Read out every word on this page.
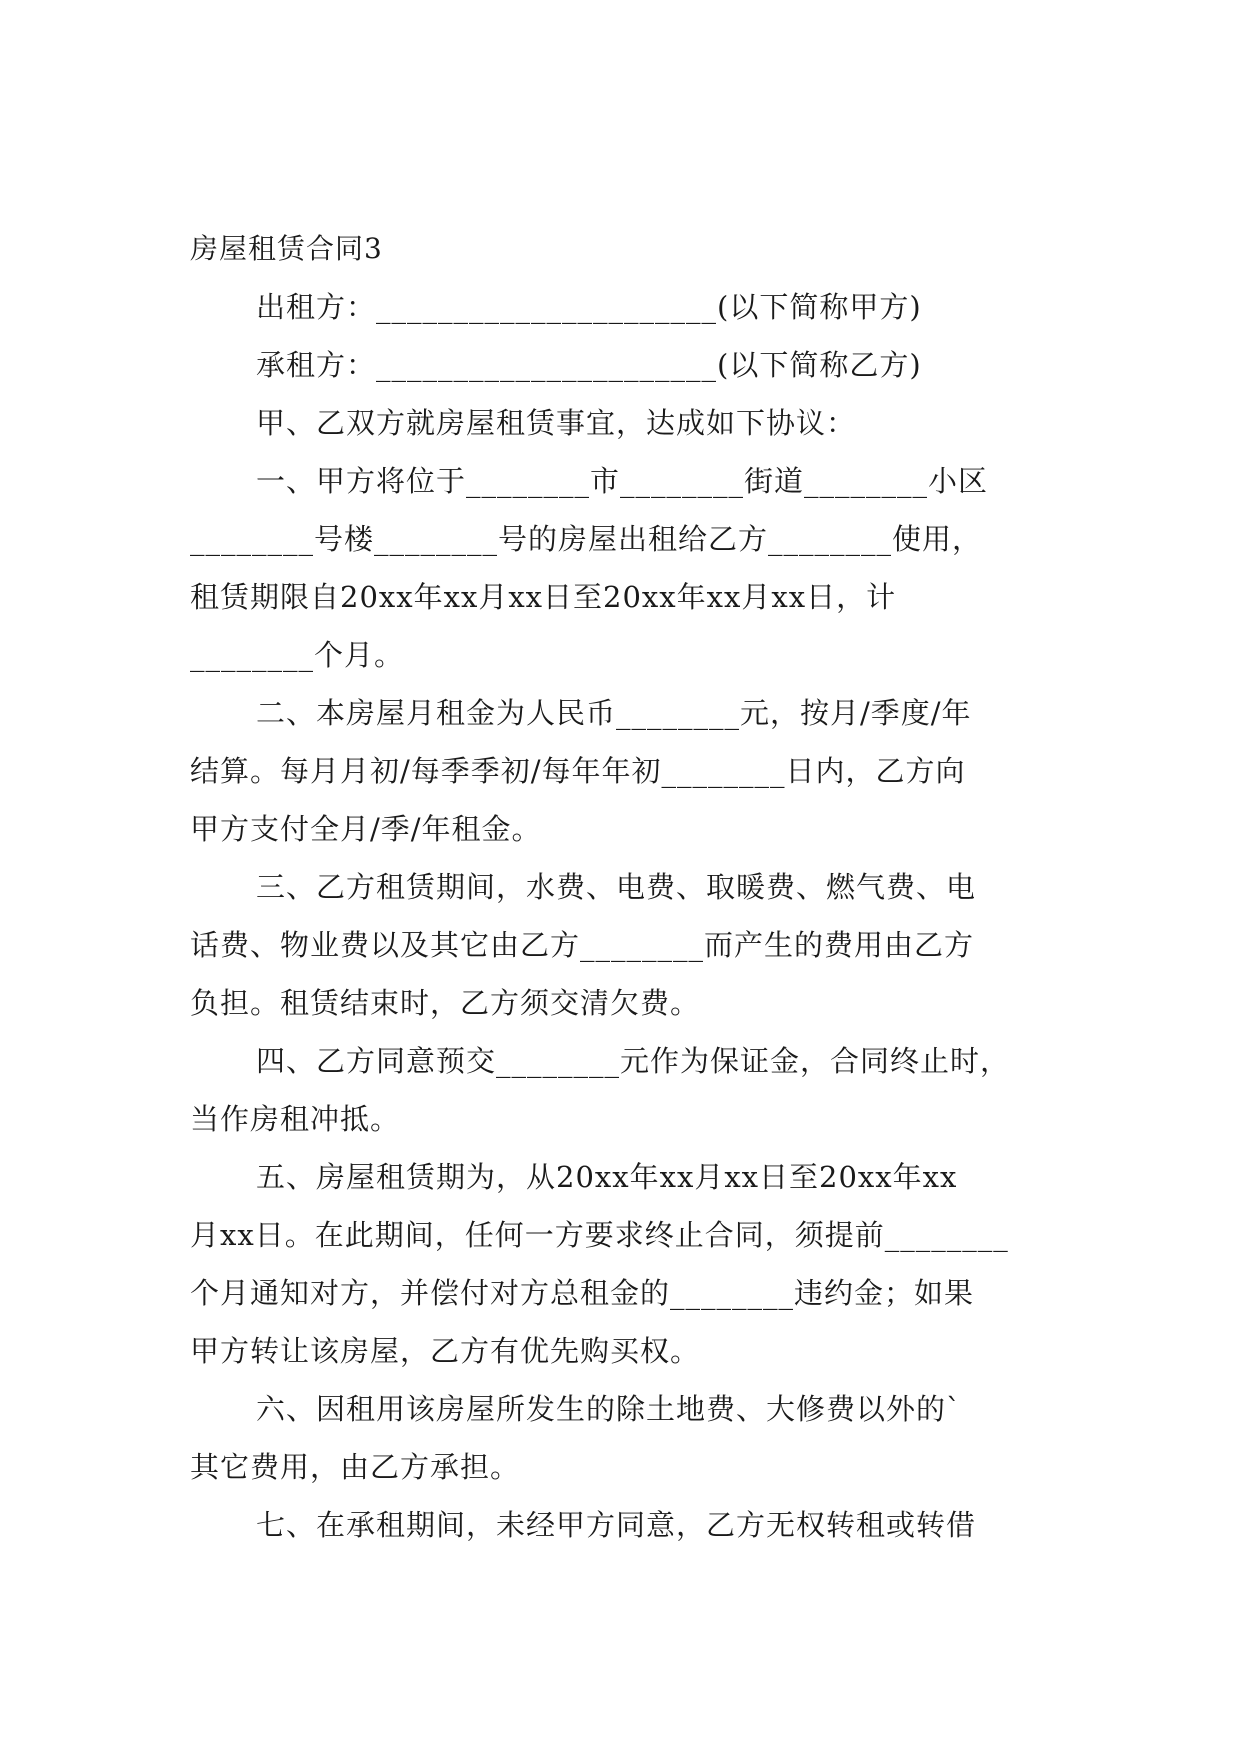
房屋租赁合同3

出租方：______________________(以下简称甲方)

承租方：______________________(以下简称乙方)

甲、乙双方就房屋租赁事宜，达成如下协议：

一、甲方将位于________市________街道________小区
________号楼________号的房屋出租给乙方________使用，
租赁期限自20xx年xx月xx日至20xx年xx月xx日，计
________个月。
二、本房屋月租金为人民币________元，按月/季度/年
结算。每月月初/每季季初/每年年初________日内，乙方向
甲方支付全月/季/年租金。
三、乙方租赁期间，水费、电费、取暖费、燃气费、电
话费、物业费以及其它由乙方________而产生的费用由乙方
负担。租赁结束时，乙方须交清欠费。
四、乙方同意预交________元作为保证金，合同终止时，
当作房租冲抵。
五、房屋租赁期为，从20xx年xx月xx日至20xx年xx
月xx日。在此期间，任何一方要求终止合同，须提前________
个月通知对方，并偿付对方总租金的________违约金；如果
甲方转让该房屋，乙方有优先购买权。
六、因租用该房屋所发生的除土地费、大修费以外的`
其它费用，由乙方承担。
七、在承租期间，未经甲方同意，乙方无权转租或转借
